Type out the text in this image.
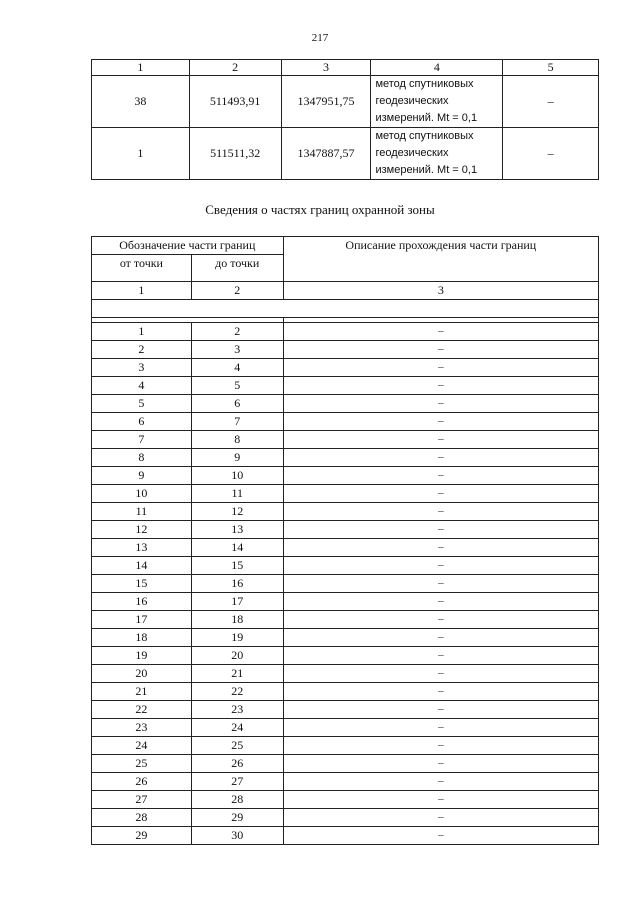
217
1	2	3	4	5
38	511493,91	1347951,75	метод спутниковых
геодезических
измерений. Mt = 0,1	–
1	511511,32	1347887,57	метод спутниковых
геодезических
измерений. Mt = 0,1	–
Сведения о частях границ охранной зоны
Обозначение части границ		Описание прохождения части границ
от точки	до точки	
1	2	3

1	2	–
2	3	–
3	4	–
4	5	–
5	6	–
6	7	–
7	8	–
8	9	–
9	10	–
10	11	–
11	12	–
12	13	–
13	14	–
14	15	–
15	16	–
16	17	–
17	18	–
18	19	–
19	20	–
20	21	–
21	22	–
22	23	–
23	24	–
24	25	–
25	26	–
26	27	–
27	28	–
28	29	–
29	30	–
